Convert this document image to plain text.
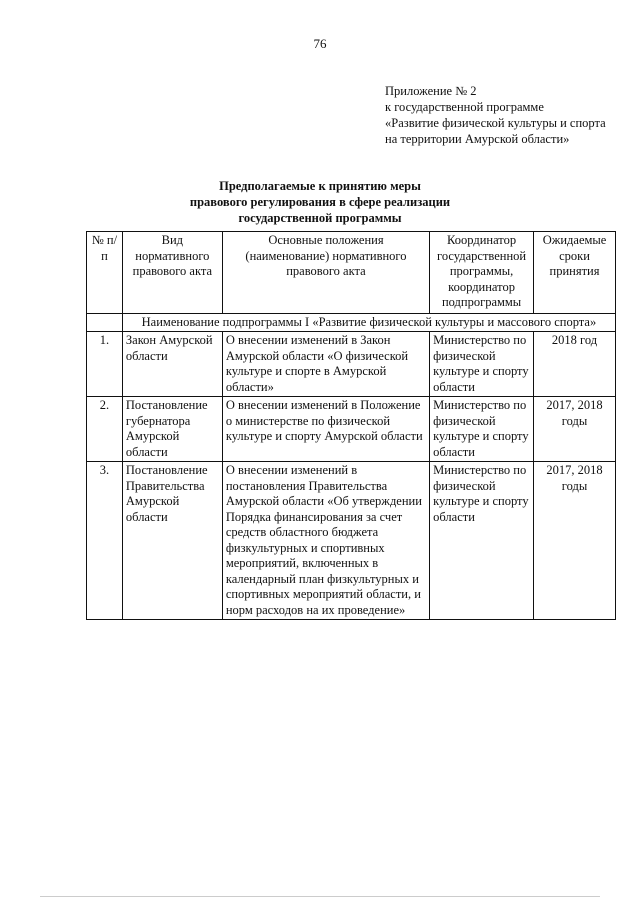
76
Приложение № 2
к государственной программе
«Развитие физической культуры и спорта
на территории Амурской области»
Предполагаемые к принятию меры
правового регулирования в сфере реализации
государственной программы
№ п/п	Вид нормативного правового акта	Основные положения (наименование) нормативного правового акта	Координатор государственной программы, координатор подпрограммы	Ожидаемые сроки принятия
	Наименование подпрограммы I «Развитие физической культуры и массового спорта»			
1.	Закон Амурской области	О внесении изменений в Закон Амурской области «О физической культуре и спорте в Амурской области»	Министерство по физической культуре и спорту области	2018 год
2.	Постановление губернатора Амурской области	О внесении изменений в Положение о министерстве по физической культуре и спорту Амурской области	Министерство по физической культуре и спорту области	2017, 2018 годы
3.	Постановление Правительства Амурской области	О внесении изменений в постановления Правительства Амурской области «Об утверждении Порядка финансирования за счет средств областного бюджета физкультурных и спортивных мероприятий, включенных в календарный план физкультурных и спортивных мероприятий области, и норм расходов на их проведение»	Министерство по физической культуре и спорту области	2017, 2018 годы
